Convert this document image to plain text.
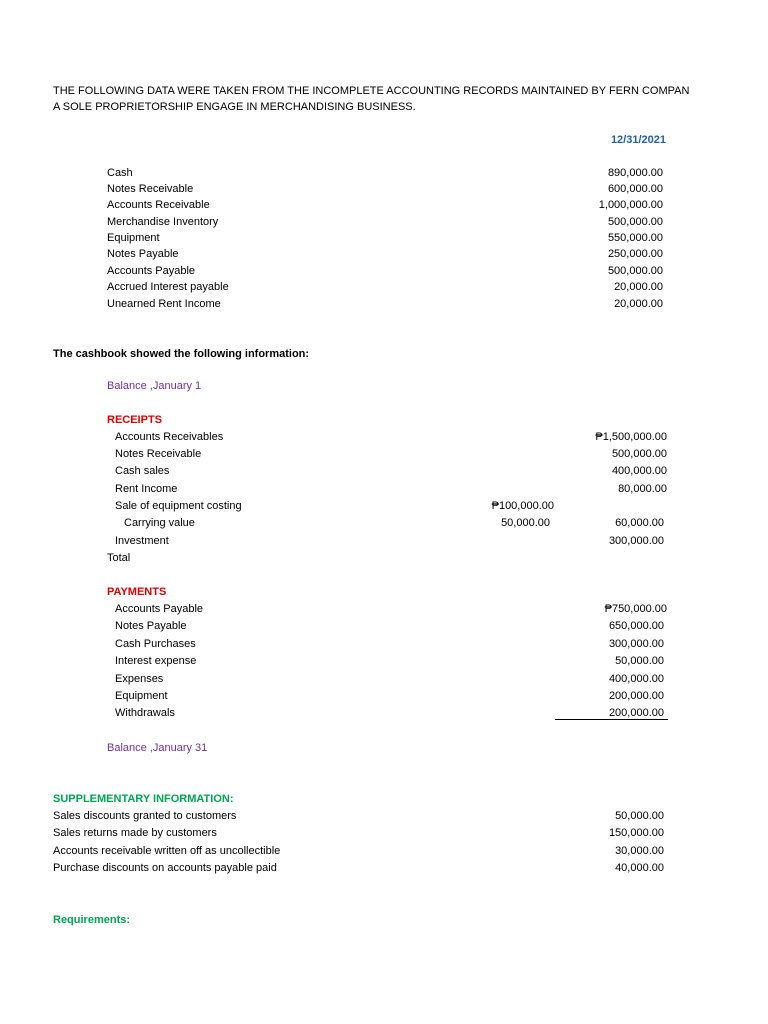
THE FOLLOWING DATA WERE TAKEN FROM THE INCOMPLETE ACCOUNTING RECORDS MAINTAINED BY FERN COMPAN
A SOLE PROPRIETORSHIP ENGAGE IN MERCHANDISING BUSINESS.
12/31/2021
Cash	890,000.00
Notes Receivable	600,000.00
Accounts Receivable	1,000,000.00
Merchandise Inventory	500,000.00
Equipment	550,000.00
Notes Payable	250,000.00
Accounts Payable	500,000.00
Accrued Interest payable	20,000.00
Unearned Rent Income	20,000.00
The cashbook showed the following information:
Balance ,January 1
RECEIPTS
Accounts Receivables	₱1,500,000.00
Notes Receivable	500,000.00
Cash sales	400,000.00
Rent Income	80,000.00
Sale of equipment costing	₱100,000.00
Carrying value	50,000.00	60,000.00
Investment	300,000.00
Total
PAYMENTS
Accounts Payable	₱750,000.00
Notes Payable	650,000.00
Cash Purchases	300,000.00
Interest expense	50,000.00
Expenses	400,000.00
Equipment	200,000.00
Withdrawals	200,000.00
Balance ,January 31
SUPPLEMENTARY INFORMATION:
Sales discounts granted to customers	50,000.00
Sales returns made by customers	150,000.00
Accounts receivable written off as uncollectible	30,000.00
Purchase discounts on accounts payable paid	40,000.00
Requirements:
